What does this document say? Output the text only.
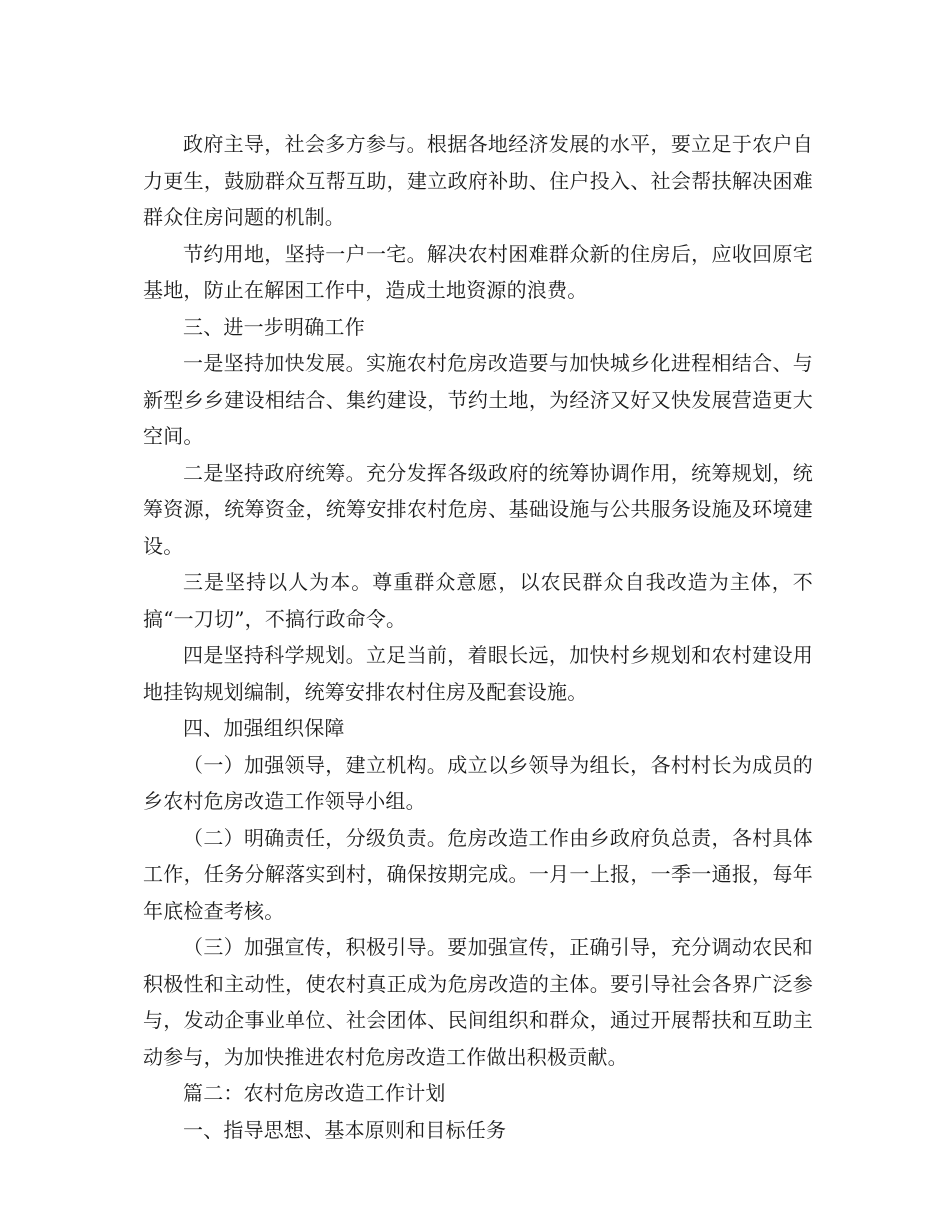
政府主导，社会多方参与。根据各地经济发展的水平，要立足于农户自力更生，鼓励群众互帮互助，建立政府补助、住户投入、社会帮扶解决困难群众住房问题的机制。

节约用地，坚持一户一宅。解决农村困难群众新的住房后，应收回原宅基地，防止在解困工作中，造成土地资源的浪费。

三、进一步明确工作

一是坚持加快发展。实施农村危房改造要与加快城乡化进程相结合、与新型乡乡建设相结合、集约建设，节约土地，为经济又好又快发展营造更大空间。

二是坚持政府统筹。充分发挥各级政府的统筹协调作用，统筹规划，统筹资源，统筹资金，统筹安排农村危房、基础设施与公共服务设施及环境建设。

三是坚持以人为本。尊重群众意愿，以农民群众自我改造为主体，不搞“一刀切”，不搞行政命令。

四是坚持科学规划。立足当前，着眼长远，加快村乡规划和农村建设用地挂钩规划编制，统筹安排农村住房及配套设施。

四、加强组织保障

（一）加强领导，建立机构。成立以乡领导为组长，各村村长为成员的乡农村危房改造工作领导小组。

（二）明确责任，分级负责。危房改造工作由乡政府负总责，各村具体工作，任务分解落实到村，确保按期完成。一月一上报，一季一通报，每年年底检查考核。

（三）加强宣传，积极引导。要加强宣传，正确引导，充分调动农民和积极性和主动性，使农村真正成为危房改造的主体。要引导社会各界广泛参与，发动企事业单位、社会团体、民间组织和群众，通过开展帮扶和互助主动参与，为加快推进农村危房改造工作做出积极贡献。

篇二：农村危房改造工作计划

一、指导思想、基本原则和目标任务
